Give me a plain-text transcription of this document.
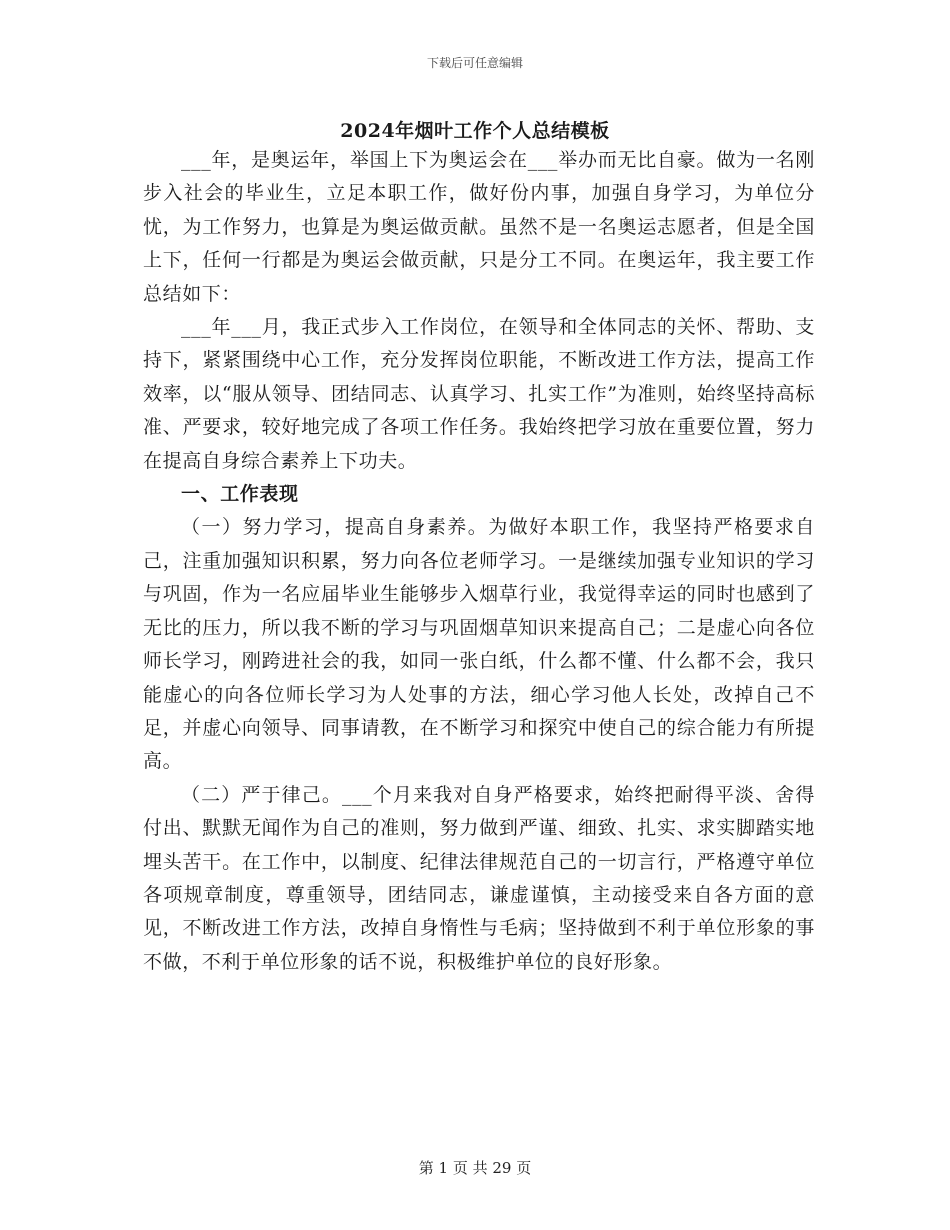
下载后可任意编辑
2024年烟叶工作个人总结模板

___年，是奥运年，举国上下为奥运会在___举办而无比自豪。做为一名刚步入社会的毕业生，立足本职工作，做好份内事，加强自身学习，为单位分忧，为工作努力，也算是为奥运做贡献。虽然不是一名奥运志愿者，但是全国上下，任何一行都是为奥运会做贡献，只是分工不同。在奥运年，我主要工作总结如下：

___年___月，我正式步入工作岗位，在领导和全体同志的关怀、帮助、支持下，紧紧围绕中心工作，充分发挥岗位职能，不断改进工作方法，提高工作效率，以“服从领导、团结同志、认真学习、扎实工作”为准则，始终坚持高标准、严要求，较好地完成了各项工作任务。我始终把学习放在重要位置，努力在提高自身综合素养上下功夫。

一、工作表现

（一）努力学习，提高自身素养。为做好本职工作，我坚持严格要求自己，注重加强知识积累，努力向各位老师学习。一是继续加强专业知识的学习与巩固，作为一名应届毕业生能够步入烟草行业，我觉得幸运的同时也感到了无比的压力，所以我不断的学习与巩固烟草知识来提高自己；二是虚心向各位师长学习，刚跨进社会的我，如同一张白纸，什么都不懂、什么都不会，我只能虚心的向各位师长学习为人处事的方法，细心学习他人长处，改掉自己不足，并虚心向领导、同事请教，在不断学习和探究中使自己的综合能力有所提高。

（二）严于律己。___个月来我对自身严格要求，始终把耐得平淡、舍得付出、默默无闻作为自己的准则，努力做到严谨、细致、扎实、求实脚踏实地埋头苦干。在工作中，以制度、纪律法律规范自己的一切言行，严格遵守单位各项规章制度，尊重领导，团结同志，谦虚谨慎，主动接受来自各方面的意见，不断改进工作方法，改掉自身惰性与毛病；坚持做到不利于单位形象的事不做，不利于单位形象的话不说，积极维护单位的良好形象。

第 1 页 共 29 页
